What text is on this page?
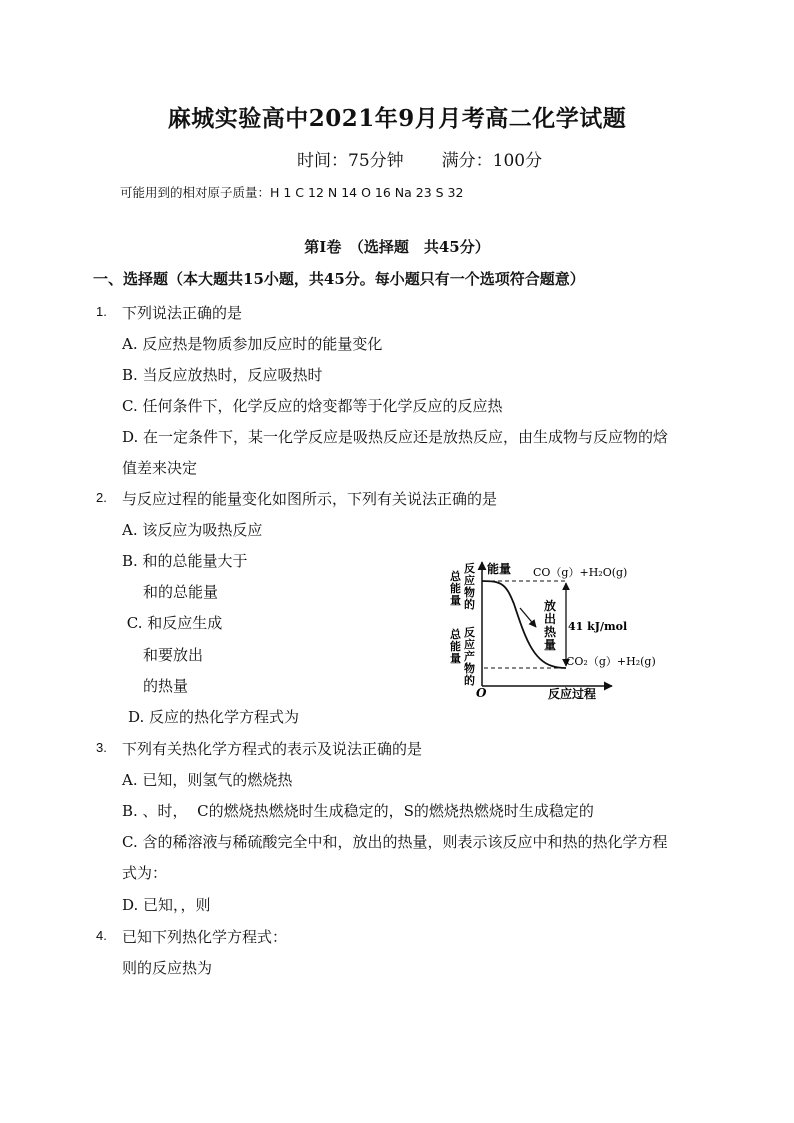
麻城实验高中2021年9月月考高二化学试题
时间：75分钟 满分：100分
可能用到的相对原子质量：H 1 C 12 N 14 O 16 Na 23 S 32
第Ⅰ卷　（选择题　共45分）
一、选择题（本大题共15小题，共45分。每小题只有一个选项符合题意）
1. 下列说法正确的是
A. 反应热是物质参加反应时的能量变化
B. 当反应放热时，反应吸热时
C. 任何条件下，化学反应的焓变都等于化学反应的反应热
D. 在一定条件下，某一化学反应是吸热反应还是放热反应，由生成物与反应物的焓
值差来决定
2. 与反应过程的能量变化如图所示，下列有关说法正确的是
A. 该反应为吸热反应
B. 和的总能量大于
和的总能量
C. 和反应生成
和要放出
的热量
D. 反应的热化学方程式为
能量 CO（g）+H₂O(g)
CO₂（g）+H₂(g)
41 kJ/mol
反应过程
O
放
出
热
量
总
能
量
反
应
物
的
总
能
量
反
应
产
物
的
3. 下列有关热化学方程式的表示及说法正确的是
A. 已知，则氢气的燃烧热
B. 、时，  C的燃烧热燃烧时生成稳定的，S的燃烧热燃烧时生成稳定的
C. 含的稀溶液与稀硫酸完全中和，放出的热量，则表示该反应中和热的热化学方程
式为：
D. 已知，，则
4. 已知下列热化学方程式：
则的反应热为
